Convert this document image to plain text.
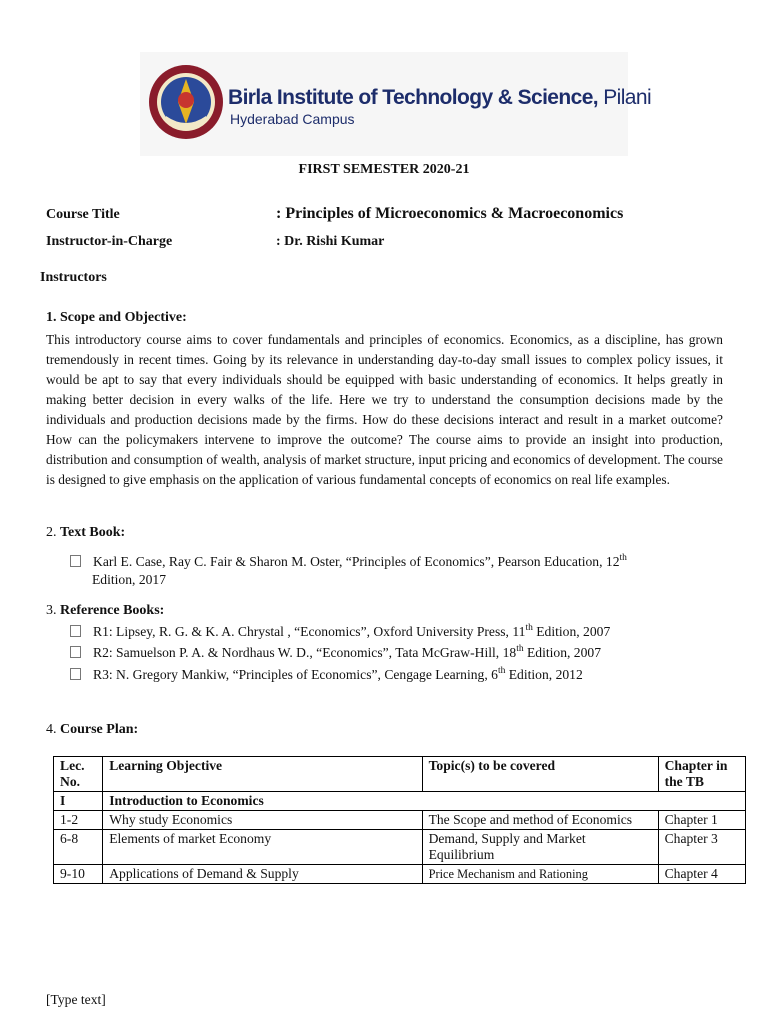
Birla Institute of Technology & Science, Pilani
Hyderabad Campus
FIRST SEMESTER 2020-21
Course Title	: Principles of Microeconomics & Macroeconomics
Instructor-in-Charge	: Dr. Rishi Kumar
Instructors
1. Scope and Objective:
This introductory course aims to cover fundamentals and principles of economics. Economics, as a discipline, has grown tremendously in recent times. Going by its relevance in understanding day-to-day small issues to complex policy issues, it would be apt to say that every individuals should be equipped with basic understanding of economics. It helps greatly in making better decision in every walks of the life. Here we try to understand the consumption decisions made by the individuals and production decisions made by the firms. How do these decisions interact and result in a market outcome? How can the policymakers intervene to improve the outcome? The course aims to provide an insight into production, distribution and consumption of wealth, analysis of market structure, input pricing and economics of development. The course is designed to give emphasis on the application of various fundamental concepts of economics on real life examples.
2. Text Book:
Karl E. Case, Ray C. Fair & Sharon M. Oster, “Principles of Economics”, Pearson Education, 12th
Edition, 2017
3. Reference Books:
R1: Lipsey, R. G. & K. A. Chrystal , “Economics”, Oxford University Press, 11th Edition, 2007
R2: Samuelson P. A. & Nordhaus W. D., “Economics”, Tata McGraw-Hill, 18th Edition, 2007
R3: N. Gregory Mankiw, “Principles of Economics”, Cengage Learning, 6th Edition, 2012
4. Course Plan:
Lec. No.	Learning Objective	Topic(s) to be covered	Chapter in the TB
I	Introduction to Economics		
1-2	Why study Economics	The Scope and method of Economics	Chapter 1
6-8	Elements of market Economy	Demand, Supply and Market Equilibrium	Chapter 3
9-10	Applications of Demand & Supply	Price Mechanism and Rationing	Chapter 4
[Type text]
